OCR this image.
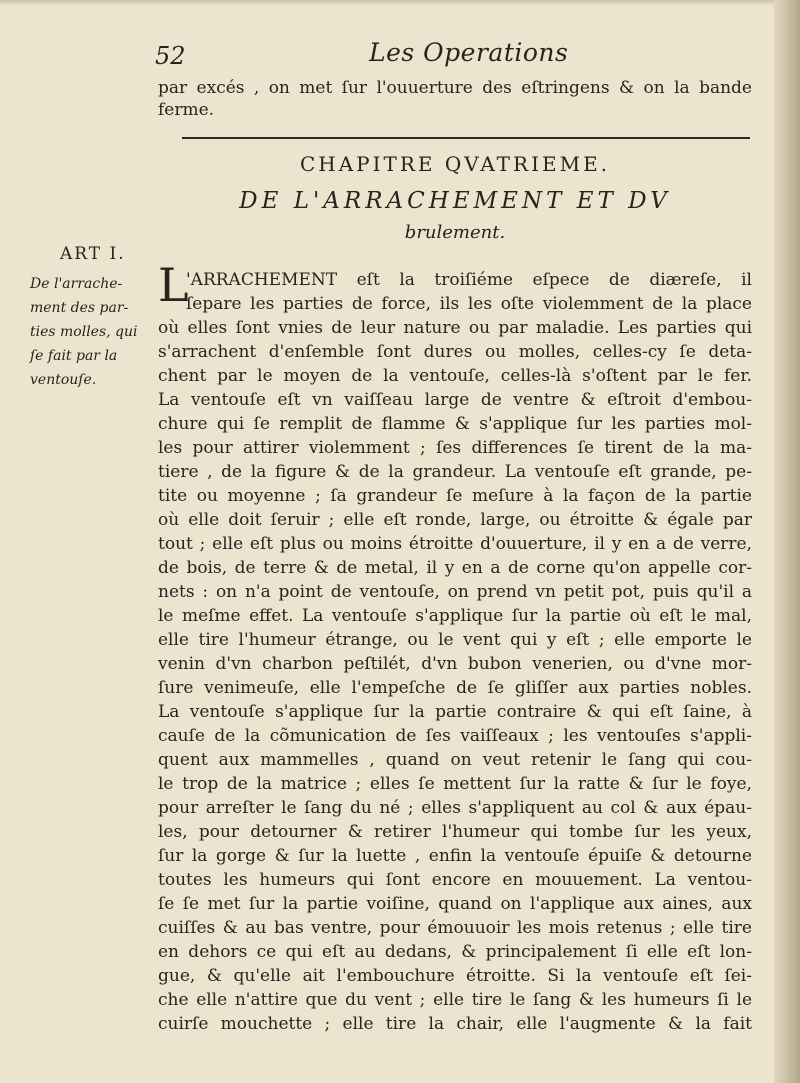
52	Les Operations
par excés , on met ſur l'ouuerture des eſtringens & on la bande
ferme.
CHAPITRE QVATRIEME.
DE L'ARRACHEMENT ET DV
brulement.
ART I.
De l'arrache-
ment des par-
ties molles, qui
ſe fait par la
ventouſe.
L
'ARRACHEMENT eſt la troiſiéme eſpece de diæreſe, il
ſepare les parties de force, ils les oſte violemment de la place
où elles ſont vnies de leur nature ou par maladie. Les parties qui
s'arrachent d'enſemble ſont dures ou molles, celles-cy ſe deta-
chent par le moyen de la ventouſe, celles-là s'oſtent par le fer.
La ventouſe eſt vn vaiſſeau large de ventre & eſtroit d'embou-
chure qui ſe remplit de flamme & s'applique ſur les parties mol-
les pour attirer violemment ; ſes differences ſe tirent de la ma-
tiere , de la figure & de la grandeur. La ventouſe eſt grande, pe-
tite ou moyenne ; ſa grandeur ſe meſure à la façon de la partie
où elle doit ſeruir ; elle eſt ronde, large, ou étroitte & égale par
tout ; elle eſt plus ou moins étroitte d'ouuerture, il y en a de verre,
de bois, de terre & de metal, il y en a de corne qu'on appelle cor-
nets : on n'a point de ventouſe, on prend vn petit pot, puis qu'il a
le meſme effet. La ventouſe s'applique ſur la partie où eſt le mal,
elle tire l'humeur étrange, ou le vent qui y eſt ; elle emporte le
venin d'vn charbon peſtilét, d'vn bubon venerien, ou d'vne mor-
ſure venimeuſe, elle l'empeſche de ſe gliſſer aux parties nobles.
La ventouſe s'applique ſur la partie contraire & qui eſt ſaine, à
cauſe de la cõmunication de ſes vaiſſeaux ; les ventouſes s'appli-
quent aux mammelles , quand on veut retenir le ſang qui cou-
le trop de la matrice ; elles ſe mettent ſur la ratte & ſur le foye,
pour arreſter le ſang du né ; elles s'appliquent au col & aux épau-
les, pour detourner & retirer l'humeur qui tombe ſur les yeux,
ſur la gorge & ſur la luette , enfin la ventouſe épuiſe & detourne
toutes les humeurs qui ſont encore en mouuement. La ventou-
ſe ſe met ſur la partie voiſine, quand on l'applique aux aines, aux
cuiſſes & au bas ventre, pour émouuoir les mois retenus ; elle tire
en dehors ce qui eſt au dedans, & principalement ſi elle eſt lon-
gue, & qu'elle ait l'embouchure étroitte. Si la ventouſe eſt ſei-
che elle n'attire que du vent ; elle tire le ſang & les humeurs ſi le
cuirſe mouchette ; elle tire la chair, elle l'augmente & la fait
